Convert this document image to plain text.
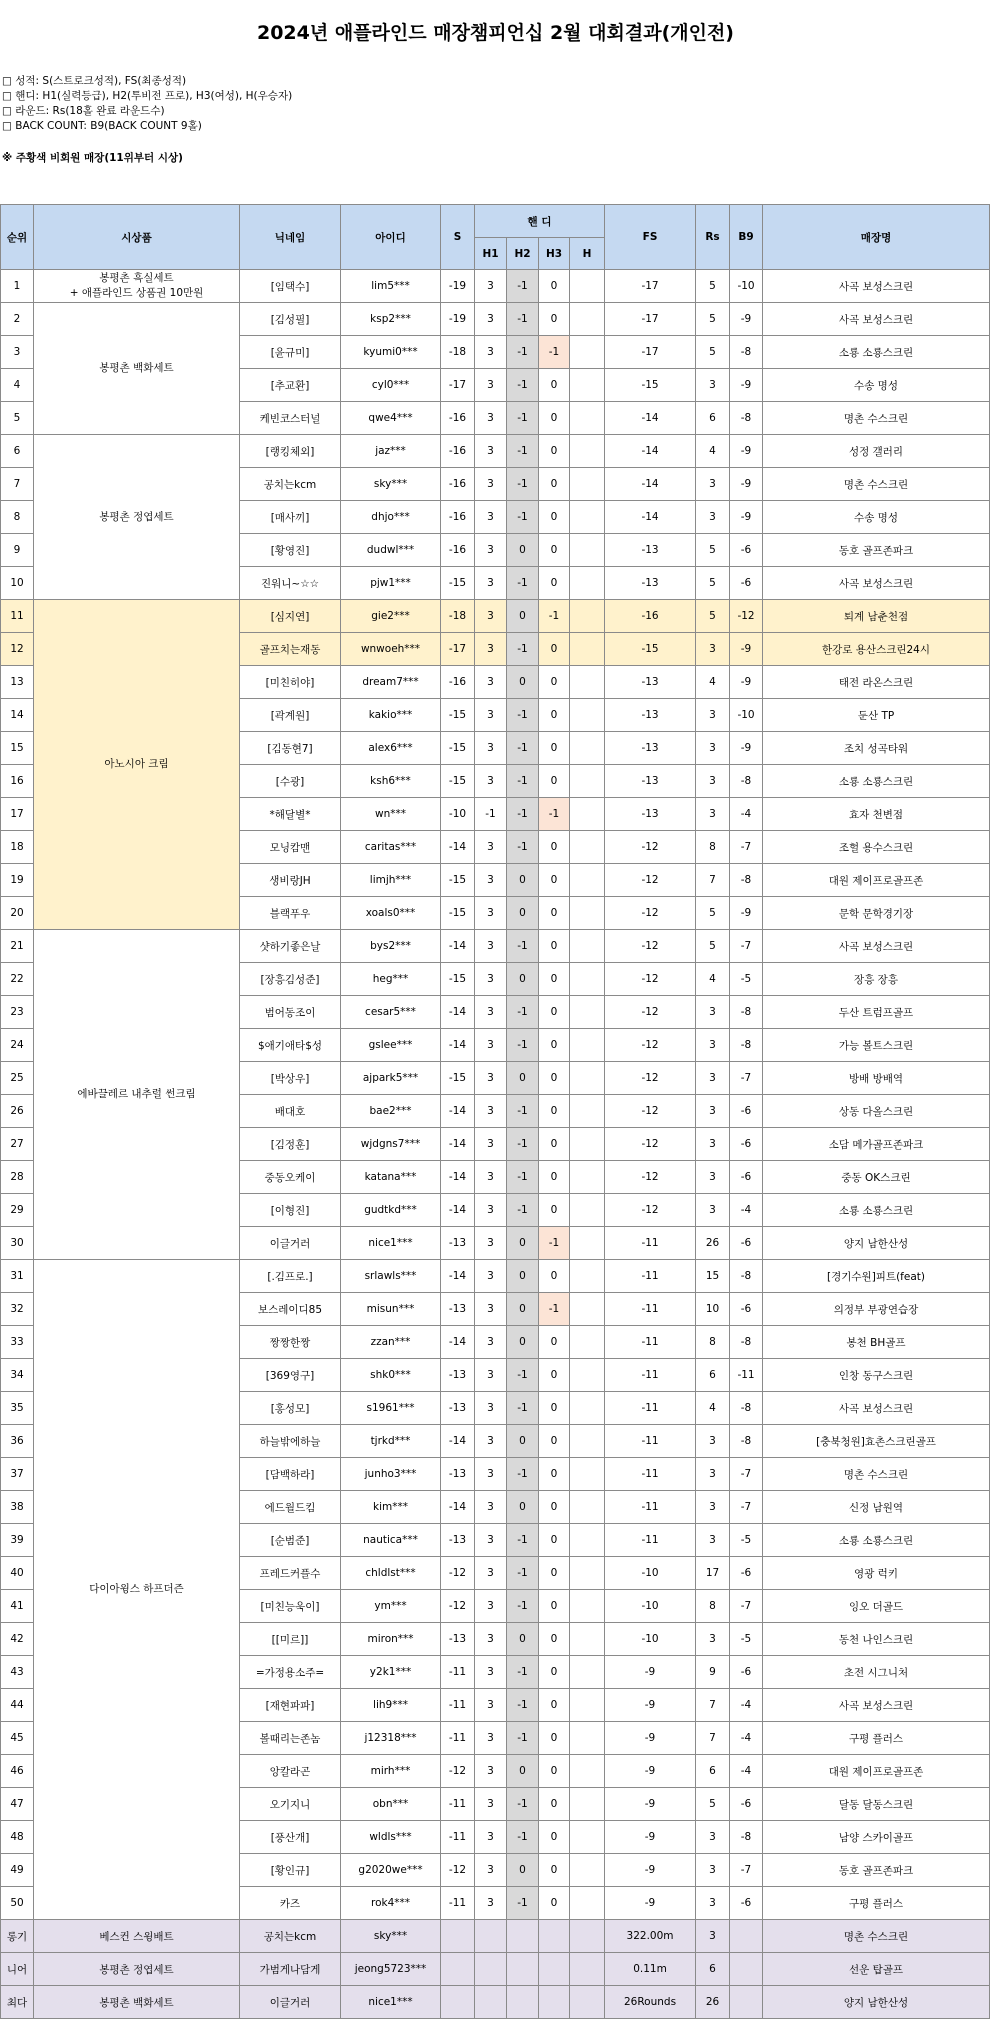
2024년 애플라인드 매장챔피언십 2월 대회결과(개인전)
□ 성적: S(스트로크성적), FS(최종성적)
□ 핸디: H1(실력등급), H2(투비전 프로), H3(여성), H(우승자)
□ 라운드: Rs(18홀 완료 라운드수)
□ BACK COUNT: B9(BACK COUNT 9홀)
※ 주황색 비회원 매장(11위부터 시상)
순위	시상품	닉네임	아이디	S	핸 디				FS	Rs	B9	매장명
					H1	H2	H3	H				
1	봉평촌 흑실세트
+ 애플라인드 상품권 10만원	[임택수]	lim5***	-19	3	-1	0		-17	5	-10	사곡 보성스크린
2	봉평촌 백화세트	[김성필]	ksp2***	-19	3	-1	0		-17	5	-9	사곡 보성스크린
3		[윤규미]	kyumi0***	-18	3	-1	-1		-17	5	-8	소룡 소룡스크린
4		[추교환]	cyl0***	-17	3	-1	0		-15	3	-9	수송 명성
5		케빈코스터널	qwe4***	-16	3	-1	0		-14	6	-8	명촌 수스크린
6	봉평촌 정엽세트	[랭킹체외]	jaz***	-16	3	-1	0		-14	4	-9	성정 갤러리
7		공치는kcm	sky***	-16	3	-1	0		-14	3	-9	명촌 수스크린
8		[매사끼]	dhjo***	-16	3	-1	0		-14	3	-9	수송 명성
9		[황영진]	dudwl***	-16	3	0	0		-13	5	-6	동호 골프존파크
10		진워니~☆☆	pjw1***	-15	3	-1	0		-13	5	-6	사곡 보성스크린
11	아노시아 크림	[심지연]	gie2***	-18	3	0	-1		-16	5	-12	퇴계 남춘천점
12		골프치는재동	wnwoeh***	-17	3	-1	0		-15	3	-9	한강로 용산스크린24시
13		[미친히야]	dream7***	-16	3	0	0		-13	4	-9	태전 라온스크린
14		[곽계원]	kakio***	-15	3	-1	0		-13	3	-10	둔산 TP
15		[김동현7]	alex6***	-15	3	-1	0		-13	3	-9	조치 성곡타워
16		[수광]	ksh6***	-15	3	-1	0		-13	3	-8	소룡 소룡스크린
17		*해달별*	wn***	-10	-1	-1	-1		-13	3	-4	효자 천변점
18		모닝캄맨	caritas***	-14	3	-1	0		-12	8	-7	조헐 용수스크린
19		생비랑JH	limjh***	-15	3	0	0		-12	7	-8	대원 제이프로골프존
20		블랙푸우	xoals0***	-15	3	0	0		-12	5	-9	문학 문학경기장
21	에바끌레르 내추럴 썬크림	샷하기좋은날	bys2***	-14	3	-1	0		-12	5	-7	사곡 보성스크린
22		[장흥김성준]	heg***	-15	3	0	0		-12	4	-5	장흥 장흥
23		범어동조이	cesar5***	-14	3	-1	0		-12	3	-8	두산 트럼프골프
24		$애기애타$성	gslee***	-14	3	-1	0		-12	3	-8	가능 볼트스크린
25		[박상우]	ajpark5***	-15	3	0	0		-12	3	-7	방배 방배역
26		배대호	bae2***	-14	3	-1	0		-12	3	-6	상동 다올스크린
27		[김정훈]	wjdgns7***	-14	3	-1	0		-12	3	-6	소담 메가골프존파크
28		중동오케이	katana***	-14	3	-1	0		-12	3	-6	중동 OK스크린
29		[이형진]	gudtkd***	-14	3	-1	0		-12	3	-4	소룡 소룡스크린
30		이글거러	nice1***	-13	3	0	-1		-11	26	-6	양지 남한산성
31	다이아윙스 하프더즌	[.김프로.]	srlawls***	-14	3	0	0		-11	15	-8	[경기수원]피트(feat)
32		보스레이디85	misun***	-13	3	0	-1		-11	10	-6	의정부 부광연습장
33		짱짱한짱	zzan***	-14	3	0	0		-11	8	-8	봉천 BH골프
34		[369영구]	shk0***	-13	3	-1	0		-11	6	-11	인창 동구스크린
35		[홍성모]	s1961***	-13	3	-1	0		-11	4	-8	사곡 보성스크린
36		하늘밖에하늘	tjrkd***	-14	3	0	0		-11	3	-8	[충북청원]효촌스크린골프
37		[담백하라]	junho3***	-13	3	-1	0		-11	3	-7	명촌 수스크린
38		에드월드킴	kim***	-14	3	0	0		-11	3	-7	신정 남원역
39		[순범준]	nautica***	-13	3	-1	0		-11	3	-5	소룡 소룡스크린
40		프레드커플수	chldlst***	-12	3	-1	0		-10	17	-6	영광 럭키
41		[미친능욱이]	ym***	-12	3	-1	0		-10	8	-7	잉오 더골드
42		[[미르]]	miron***	-13	3	0	0		-10	3	-5	동천 나인스크린
43		=가정용소주=	y2k1***	-11	3	-1	0		-9	9	-6	초전 시그니처
44		[재현파파]	lih9***	-11	3	-1	0		-9	7	-4	사곡 보성스크린
45		볼때리는존놈	j12318***	-11	3	-1	0		-9	7	-4	구평 플러스
46		앙칼라곤	mirh***	-12	3	0	0		-9	6	-4	대원 제이프로골프존
47		오기지니	obn***	-11	3	-1	0		-9	5	-6	달동 달동스크린
48		[풍산개]	wldls***	-11	3	-1	0		-9	3	-8	남양 스카이골프
49		[황인규]	g2020we***	-12	3	0	0		-9	3	-7	동호 골프존파크
50		카즈	rok4***	-11	3	-1	0		-9	3	-6	구평 플러스
롱기	베스컨 스윙배트	공치는kcm	sky***						322.00m	3		명촌 수스크린
니어	봉평촌 정엽세트	가범게나담게	jeong5723***						0.11m	6		선운 탑골프
최다	봉평촌 백화세트	이글거러	nice1***						26Rounds	26		양지 남한산성
